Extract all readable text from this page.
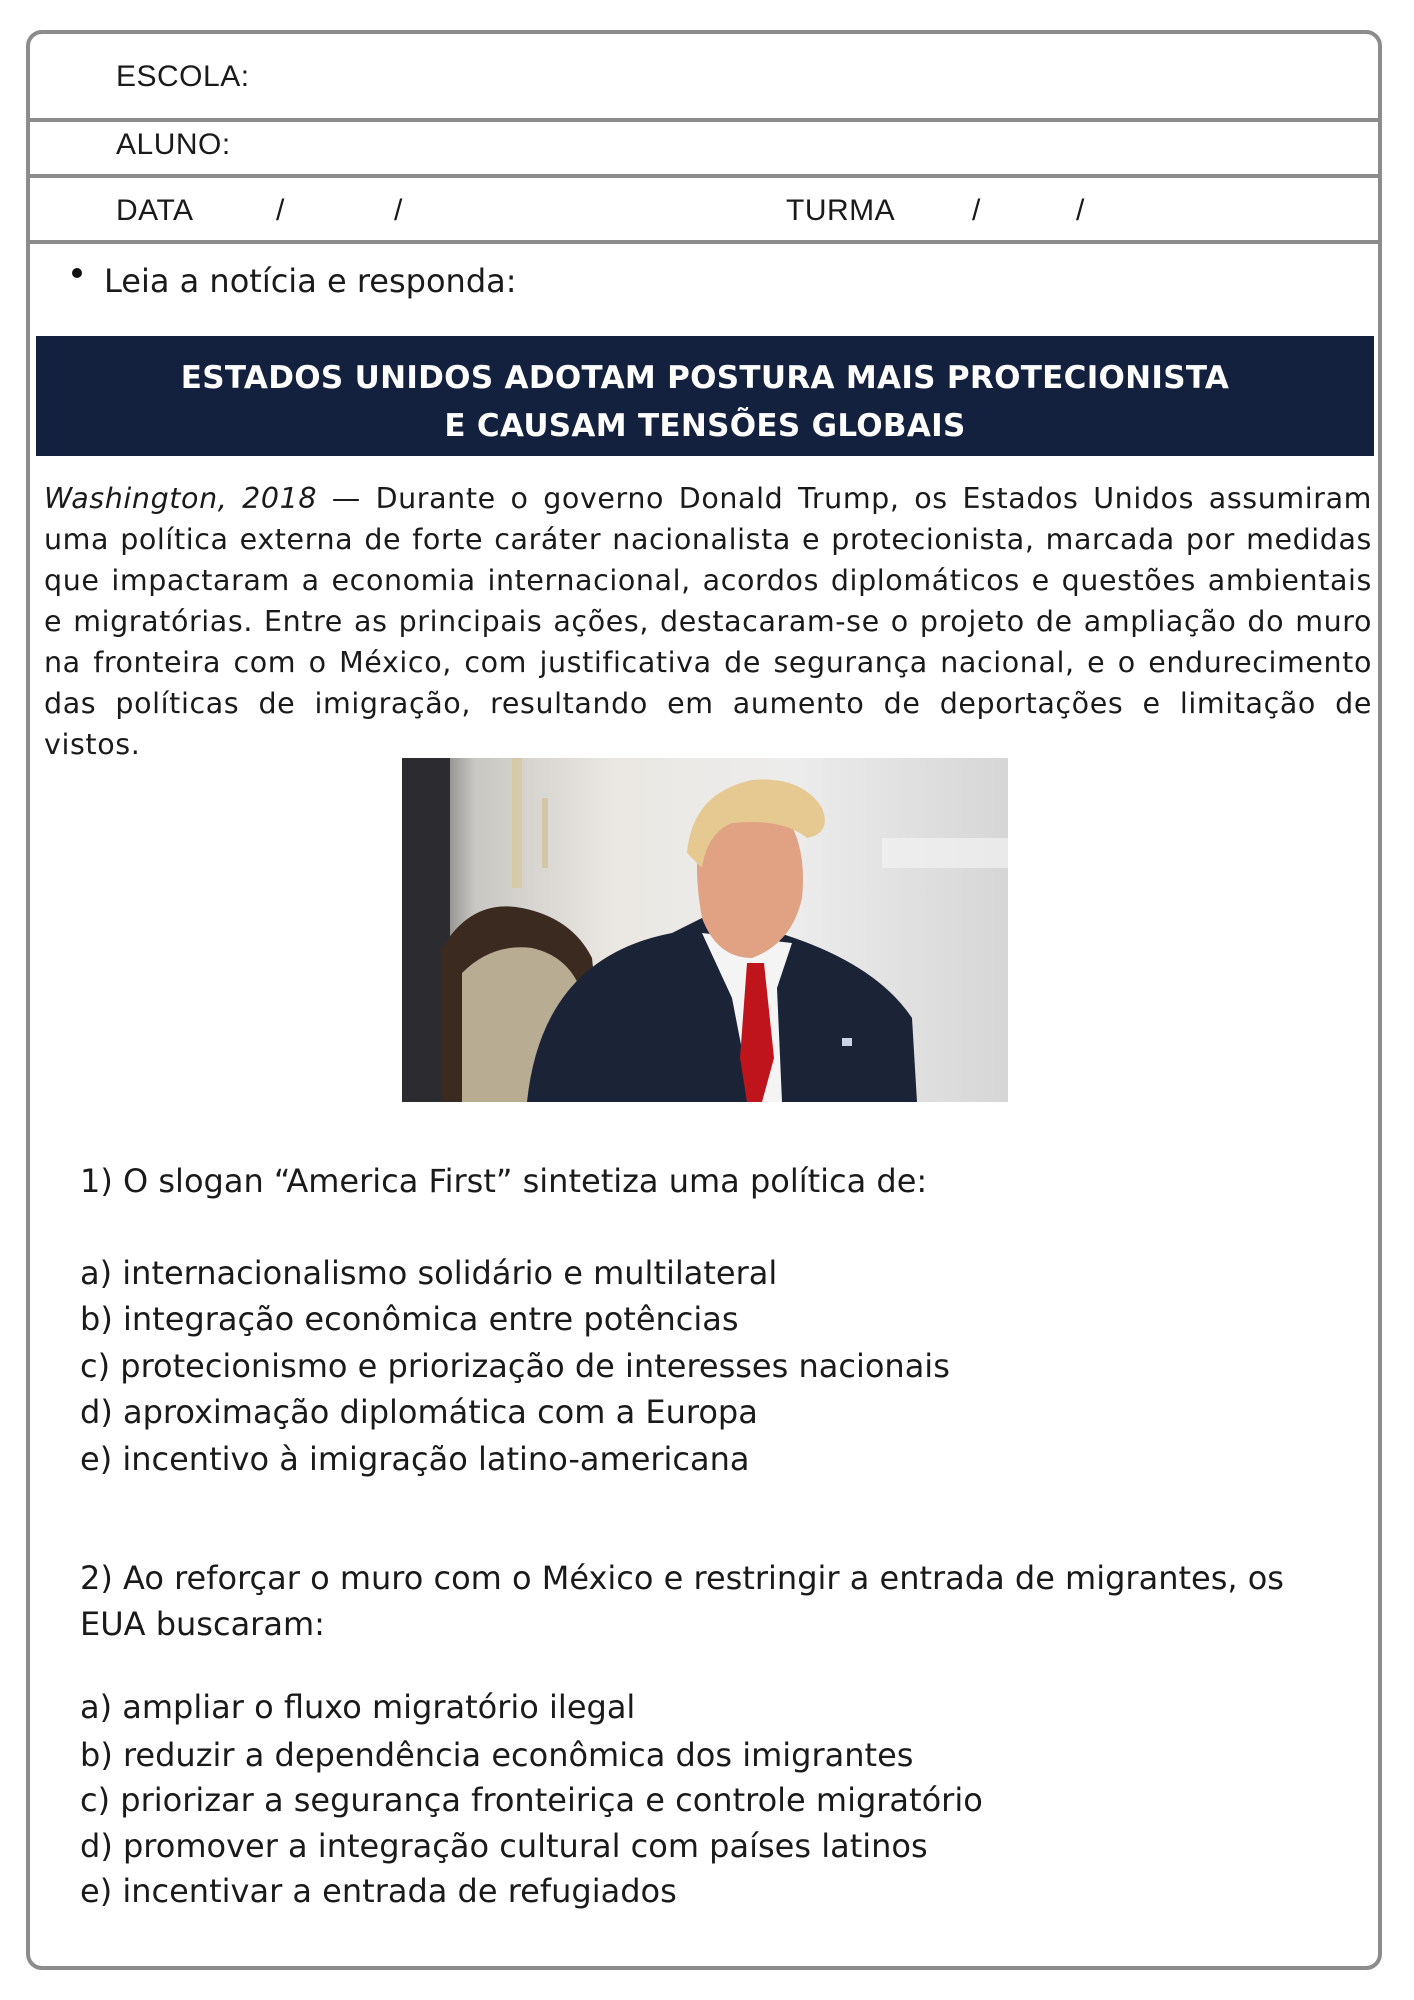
ESCOLA:
ALUNO:
DATA	/	/	TURMA	/	/
Leia a notícia e responda:
ESTADOS UNIDOS ADOTAM POSTURA MAIS PROTECIONISTA
E CAUSAM TENSÕES GLOBAIS
Washington, 2018 — Durante o governo Donald Trump, os Estados Unidos assumiram uma política externa de forte caráter nacionalista e protecionista, marcada por medidas que impactaram a economia internacional, acordos diplomáticos e questões ambientais e migratórias. Entre as principais ações, destacaram-se o projeto de ampliação do muro na fronteira com o México, com justificativa de segurança nacional, e o endurecimento das políticas de imigração, resultando em aumento de deportações e limitação de vistos.
1) O slogan “America First” sintetiza uma política de:
a) internacionalismo solidário e multilateral
b) integração econômica entre potências
c) protecionismo e priorização de interesses nacionais
d) aproximação diplomática com a Europa
e) incentivo à imigração latino-americana
2) Ao reforçar o muro com o México e restringir a entrada de migrantes, os EUA buscaram:
a) ampliar o fluxo migratório ilegal
b) reduzir a dependência econômica dos imigrantes
c) priorizar a segurança fronteiriça e controle migratório
d) promover a integração cultural com países latinos
e) incentivar a entrada de refugiados
